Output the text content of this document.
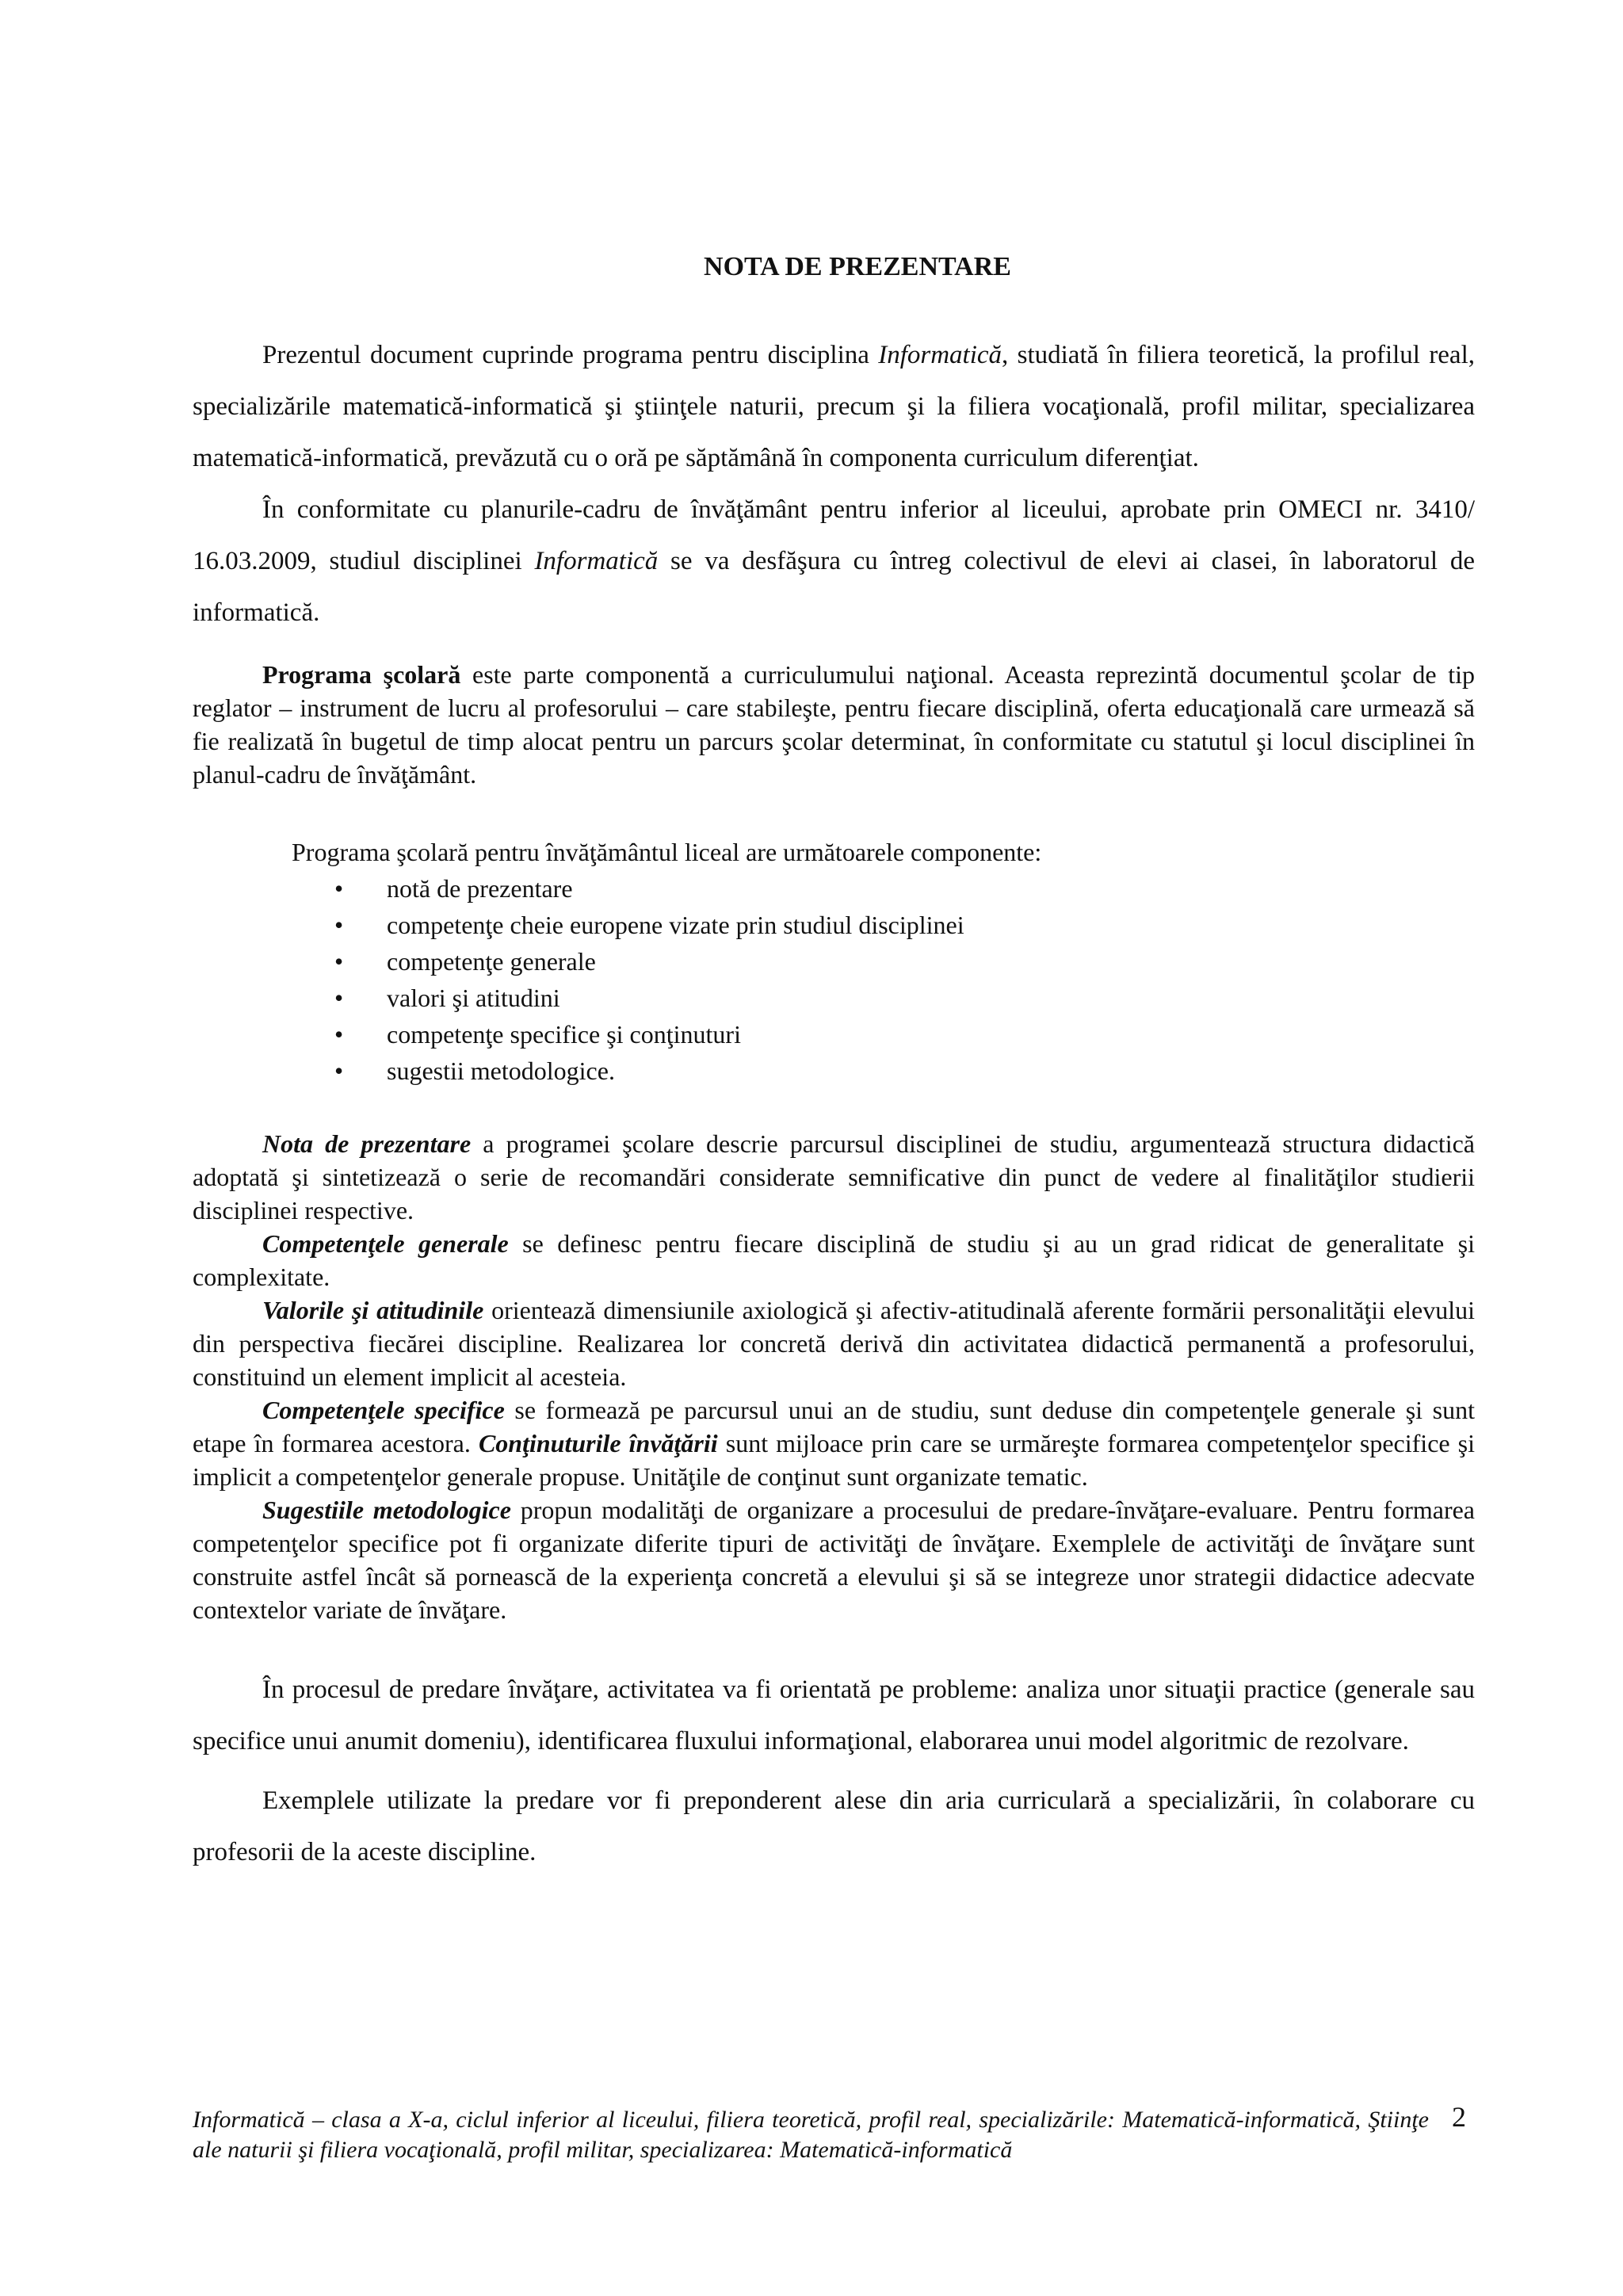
NOTA DE PREZENTARE

Prezentul document cuprinde programa pentru disciplina Informatică, studiată în filiera teoretică, la profilul real, specializările matematică-informatică şi ştiinţele naturii, precum şi la filiera vocaţională, profil militar, specializarea matematică-informatică, prevăzută cu o oră pe săptămână în componenta curriculum diferenţiat.

În conformitate cu planurile-cadru de învăţământ pentru inferior al liceului, aprobate prin OMECI nr. 3410/ 16.03.2009, studiul disciplinei Informatică se va desfăşura cu întreg colectivul de elevi ai clasei, în laboratorul de informatică.

Programa şcolară este parte componentă a curriculumului naţional. Aceasta reprezintă documentul şcolar de tip reglator – instrument de lucru al profesorului – care stabileşte, pentru fiecare disciplină, oferta educaţională care urmează să fie realizată în bugetul de timp alocat pentru un parcurs şcolar determinat, în conformitate cu statutul şi locul disciplinei în planul-cadru de învăţământ.

Programa şcolară pentru învăţământul liceal are următoarele componente:
• notă de prezentare
• competenţe cheie europene vizate prin studiul disciplinei
• competenţe generale
• valori şi atitudini
• competenţe specifice şi conţinuturi
• sugestii metodologice.

Nota de prezentare a programei şcolare descrie parcursul disciplinei de studiu, argumentează structura didactică adoptată şi sintetizează o serie de recomandări considerate semnificative din punct de vedere al finalităţilor studierii disciplinei respective.

Competenţele generale se definesc pentru fiecare disciplină de studiu şi au un grad ridicat de generalitate şi complexitate.

Valorile şi atitudinile orientează dimensiunile axiologică şi afectiv-atitudinală aferente formării personalităţii elevului din perspectiva fiecărei discipline. Realizarea lor concretă derivă din activitatea didactică permanentă a profesorului, constituind un element implicit al acesteia.

Competenţele specifice se formează pe parcursul unui an de studiu, sunt deduse din competenţele generale şi sunt etape în formarea acestora. Conţinuturile învăţării sunt mijloace prin care se urmăreşte formarea competenţelor specifice şi implicit a competenţelor generale propuse. Unităţile de conţinut sunt organizate tematic.

Sugestiile metodologice propun modalităţi de organizare a procesului de predare-învăţare-evaluare. Pentru formarea competenţelor specifice pot fi organizate diferite tipuri de activităţi de învăţare. Exemplele de activităţi de învăţare sunt construite astfel încât să pornească de la experienţa concretă a elevului şi să se integreze unor strategii didactice adecvate contextelor variate de învăţare.

În procesul de predare învăţare, activitatea va fi orientată pe probleme: analiza unor situaţii practice (generale sau specifice unui anumit domeniu), identificarea fluxului informaţional, elaborarea unui model algoritmic de rezolvare.

Exemplele utilizate la predare vor fi preponderent alese din aria curriculară a specializării, în colaborare cu profesorii de la aceste discipline.

Informatică – clasa a X-a, ciclul inferior al liceului, filiera teoretică, profil real, specializările: Matematică-informatică, Ştiinţe ale naturii şi filiera vocaţională, profil militar, specializarea: Matematică-informatică
2
